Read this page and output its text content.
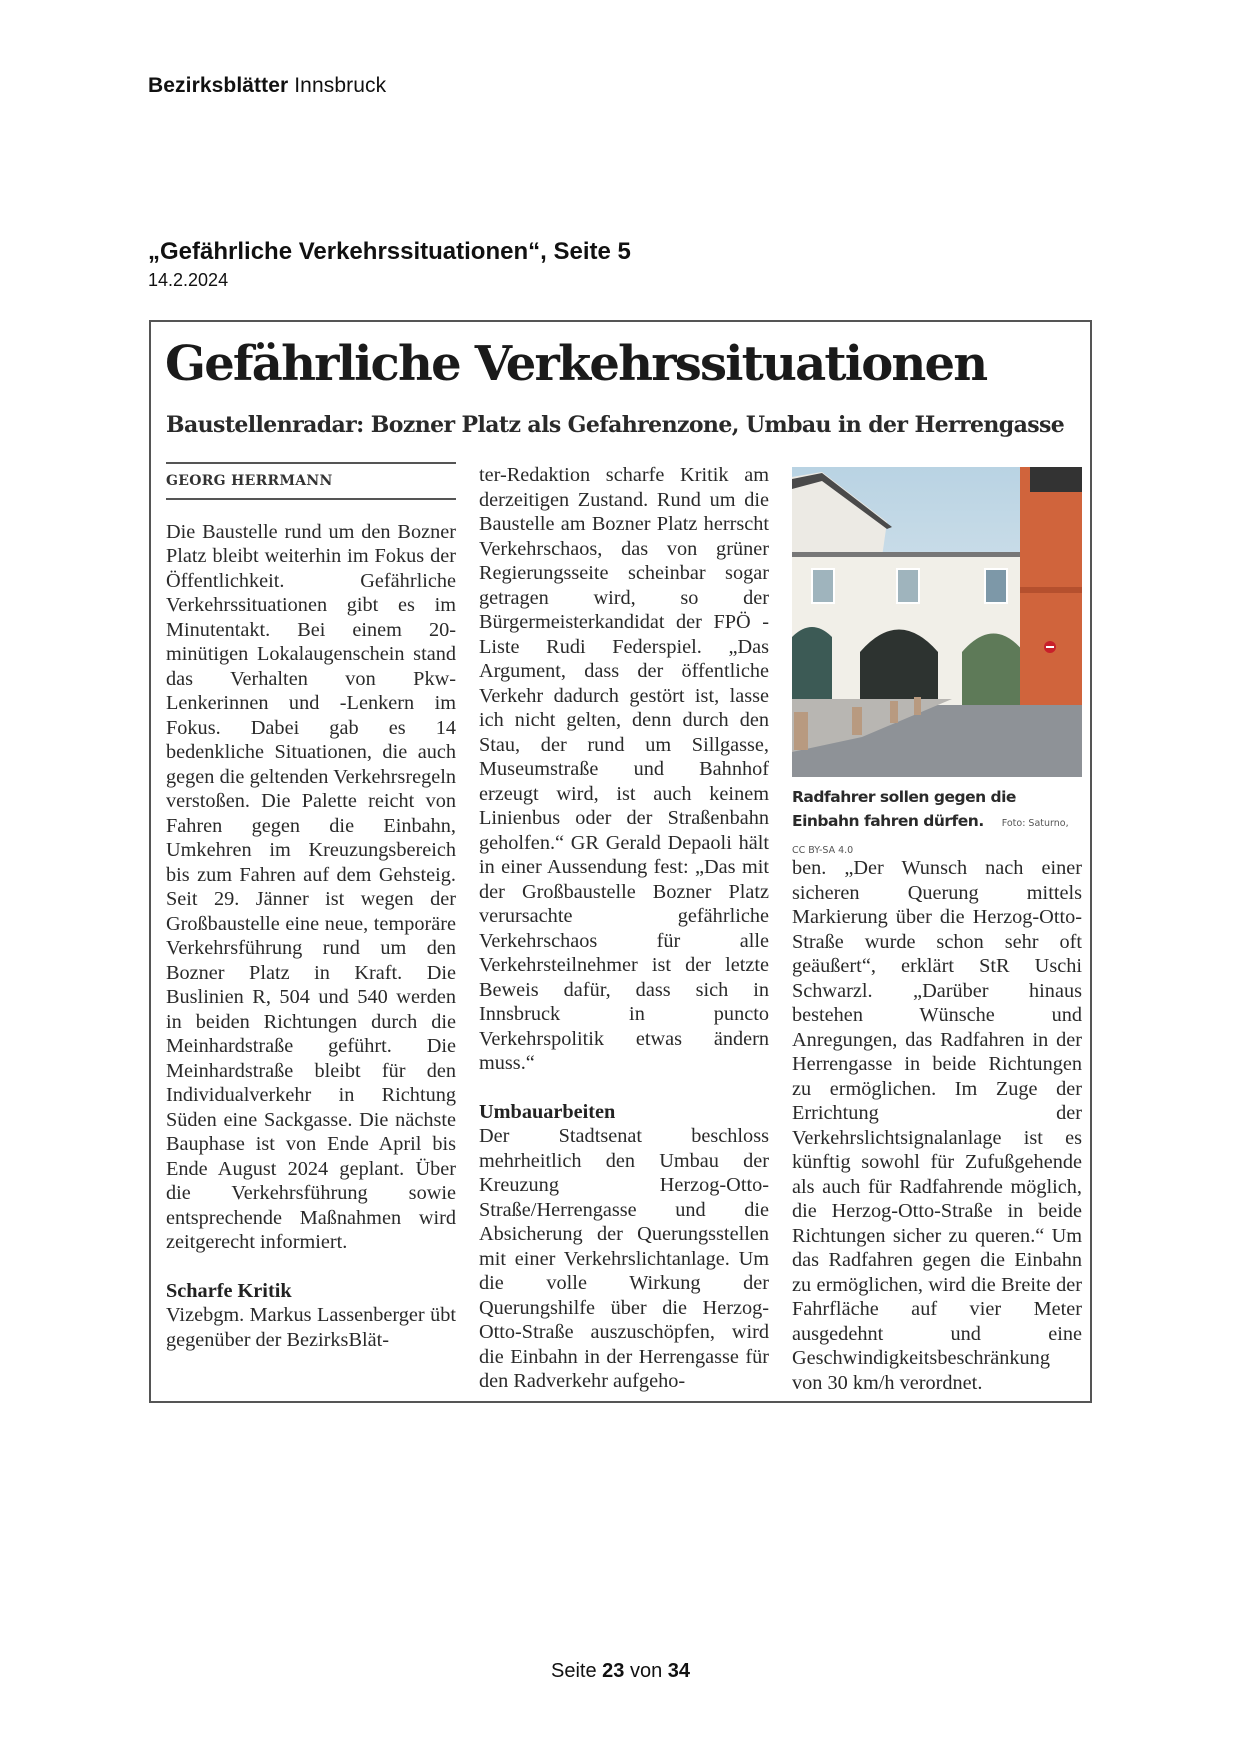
Bezirksblätter Innsbruck
„Gefährliche Verkehrssituationen“, Seite 5
14.2.2024
Gefährliche Verkehrssituationen
Baustellenradar: Bozner Platz als Gefahrenzone, Umbau in der Herrengasse
GEORG HERRMANN

Die Baustelle rund um den Bozner Platz bleibt weiterhin im Fokus der Öffentlichkeit. Gefährliche Verkehrssituationen gibt es im Minutentakt. Bei einem 20-minütigen Lokalaugenschein stand das Verhalten von Pkw-Lenkerinnen und -Lenkern im Fokus. Dabei gab es 14 bedenkliche Situationen, die auch gegen die geltenden Verkehrsregeln verstoßen. Die Palette reicht von Fahren gegen die Einbahn, Umkehren im Kreuzungsbereich bis zum Fahren auf dem Gehsteig. Seit 29. Jänner ist wegen der Großbaustelle eine neue, temporäre Verkehrsführung rund um den Bozner Platz in Kraft. Die Buslinien R, 504 und 540 werden in beiden Richtungen durch die Meinhardstraße geführt. Die Meinhardstraße bleibt für den Individualverkehr in Richtung Süden eine Sackgasse. Die nächste Bauphase ist von Ende April bis Ende August 2024 geplant. Über die Verkehrsführung sowie entsprechende Maßnahmen wird zeitgerecht informiert.

Scharfe Kritik

Vizebgm. Markus Lassenberger übt gegenüber der BezirksBlät-

ter-Redaktion scharfe Kritik am derzeitigen Zustand. Rund um die Baustelle am Bozner Platz herrscht Verkehrschaos, das von grüner Regierungsseite scheinbar sogar getragen wird, so der Bürgermeisterkandidat der FPÖ - Liste Rudi Federspiel. „Das Argument, dass der öffentliche Verkehr dadurch gestört ist, lasse ich nicht gelten, denn durch den Stau, der rund um Sillgasse, Museumstraße und Bahnhof erzeugt wird, ist auch keinem Linienbus oder der Straßenbahn geholfen.“ GR Gerald Depaoli hält in einer Aussendung fest: „Das mit der Großbaustelle Bozner Platz verursachte gefährliche Verkehrschaos für alle Verkehrsteilnehmer ist der letzte Beweis dafür, dass sich in Innsbruck in puncto Verkehrspolitik etwas ändern muss.“

Umbauarbeiten

Der Stadtsenat beschloss mehrheitlich den Umbau der Kreuzung Herzog-Otto-Straße/Herrengasse und die Absicherung der Querungsstellen mit einer Verkehrslichtanlage. Um die volle Wirkung der Querungshilfe über die Herzog-Otto-Straße auszuschöpfen, wird die Einbahn in der Herrengasse für den Radverkehr aufgeho-

Radfahrer sollen gegen die Einbahn fahren dürfen. Foto: Saturno, CC BY-SA 4.0

ben. „Der Wunsch nach einer sicheren Querung mittels Markierung über die Herzog-Otto-Straße wurde schon sehr oft geäußert“, erklärt StR Uschi Schwarzl. „Darüber hinaus bestehen Wünsche und Anregungen, das Radfahren in der Herrengasse in beide Richtungen zu ermöglichen. Im Zuge der Errichtung der Verkehrslichtsignalanlage ist es künftig sowohl für Zufußgehende als auch für Radfahrende möglich, die Herzog-Otto-Straße in beide Richtungen sicher zu queren.“ Um das Radfahren gegen die Einbahn zu ermöglichen, wird die Breite der Fahrfläche auf vier Meter ausgedehnt und eine Geschwindigkeitsbeschränkung von 30 km/h verordnet.

Seite 23 von 34
